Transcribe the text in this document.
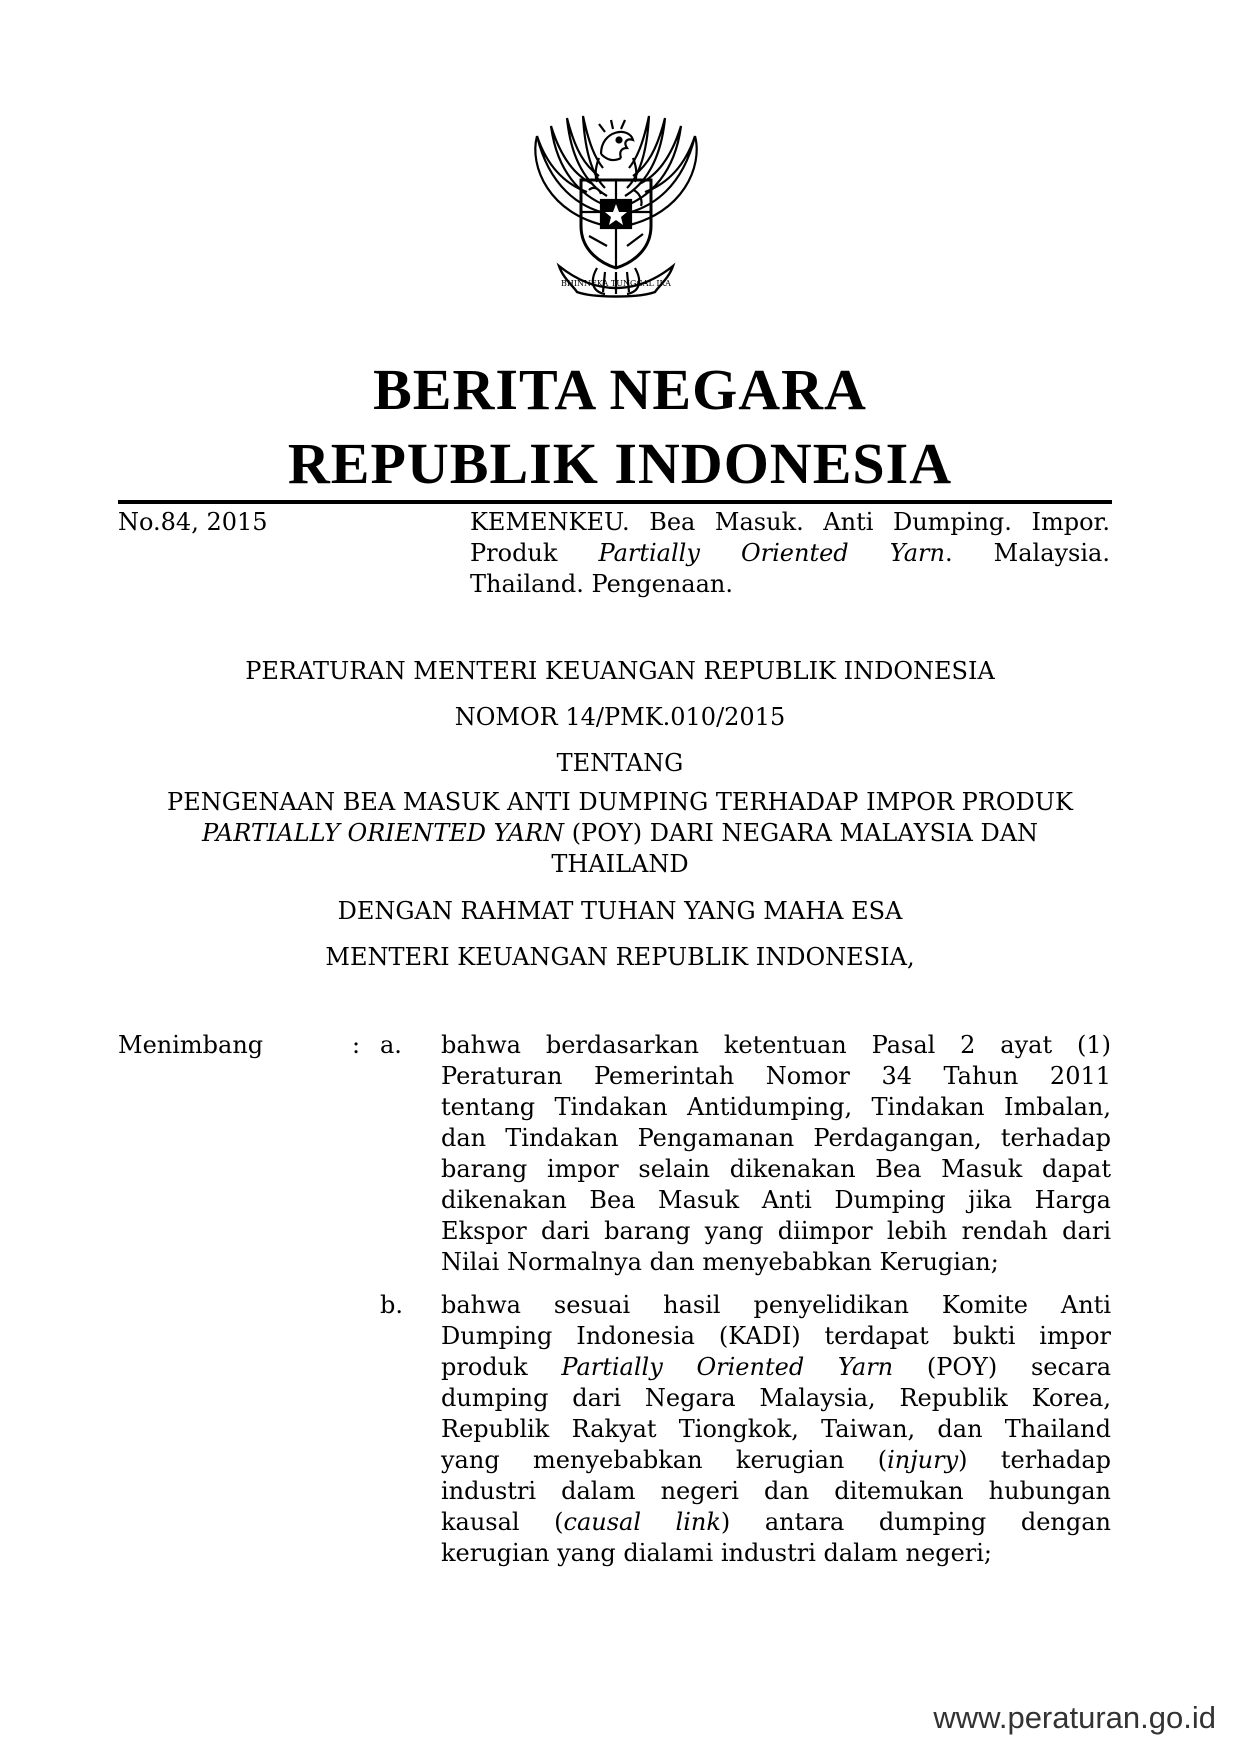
BHINNEKA TUNGGAL IKA
BERITA NEGARA
REPUBLIK INDONESIA
No.84, 2015	KEMENKEU. Bea Masuk. Anti Dumping. Impor.
Produk Partially Oriented Yarn. Malaysia.
Thailand. Pengenaan.
PERATURAN MENTERI KEUANGAN REPUBLIK INDONESIA
NOMOR 14/PMK.010/2015
TENTANG
PENGENAAN BEA MASUK ANTI DUMPING TERHADAP IMPOR PRODUK
PARTIALLY ORIENTED YARN (POY) DARI NEGARA MALAYSIA DAN
THAILAND
DENGAN RAHMAT TUHAN YANG MAHA ESA
MENTERI KEUANGAN REPUBLIK INDONESIA,
Menimbang	: a. bahwa berdasarkan ketentuan Pasal 2 ayat (1)
Peraturan Pemerintah Nomor 34 Tahun 2011
tentang Tindakan Antidumping, Tindakan Imbalan,
dan Tindakan Pengamanan Perdagangan, terhadap
barang impor selain dikenakan Bea Masuk dapat
dikenakan Bea Masuk Anti Dumping jika Harga
Ekspor dari barang yang diimpor lebih rendah dari
Nilai Normalnya dan menyebabkan Kerugian;
b. bahwa sesuai hasil penyelidikan Komite Anti
Dumping Indonesia (KADI) terdapat bukti impor
produk Partially Oriented Yarn (POY) secara
dumping dari Negara Malaysia, Republik Korea,
Republik Rakyat Tiongkok, Taiwan, dan Thailand
yang menyebabkan kerugian (injury) terhadap
industri dalam negeri dan ditemukan hubungan
kausal (causal link) antara dumping dengan
kerugian yang dialami industri dalam negeri;
www.peraturan.go.id
